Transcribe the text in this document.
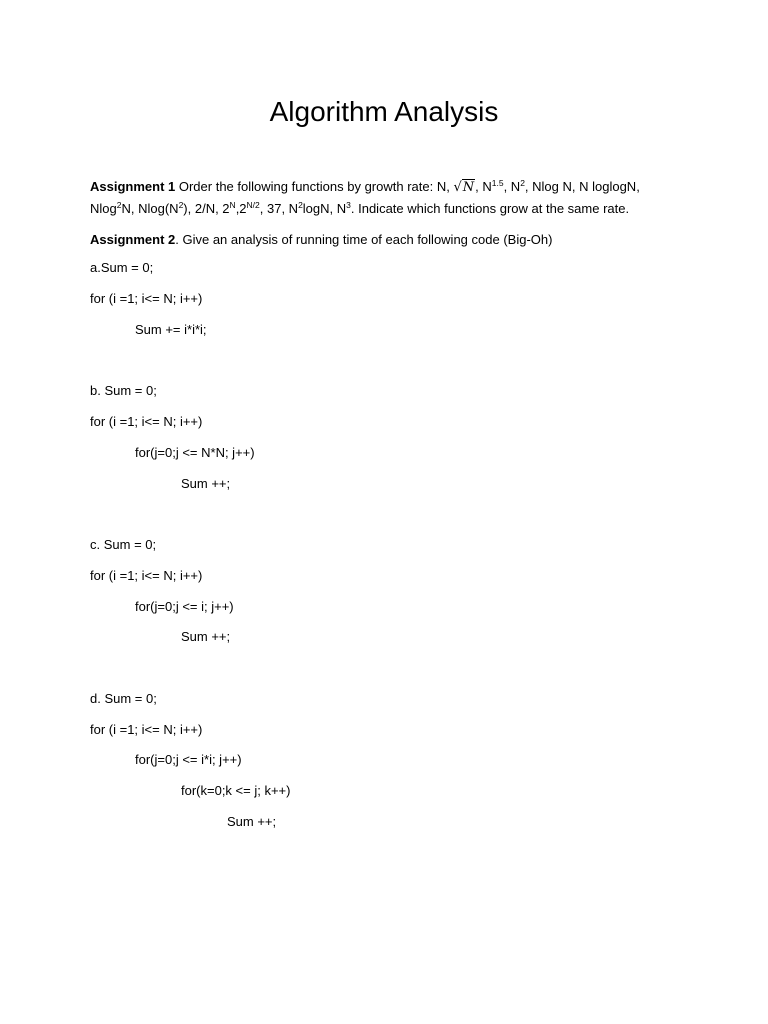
Algorithm Analysis
Assignment 1 Order the following functions by growth rate: N, √N, $N^{1.5}$, $N^2$, Nlog N, N loglogN,
Nlog$^2$N, $Nlog(N^2)$, 2/N, $2^N,2^{N/2}$, 37, $N^2\log N$, $N^3$. Indicate which functions grow at the same rate.
Assignment 2. Give an analysis of running time of each following code (Big-Oh)
a.Sum = 0;
for (i =1; i<= N; i++)
Sum += i*i*i;
b. Sum = 0;
for (i =1; i<= N; i++)
for(j=0;j <= N*N; j++)
Sum ++;
c. Sum = 0;
for (i =1; i<= N; i++)
for(j=0;j <= i; j++)
Sum ++;
d. Sum = 0;
for (i =1; i<= N; i++)
for(j=0;j <= i*i; j++)
for(k=0;k <= j; k++)
Sum ++;
